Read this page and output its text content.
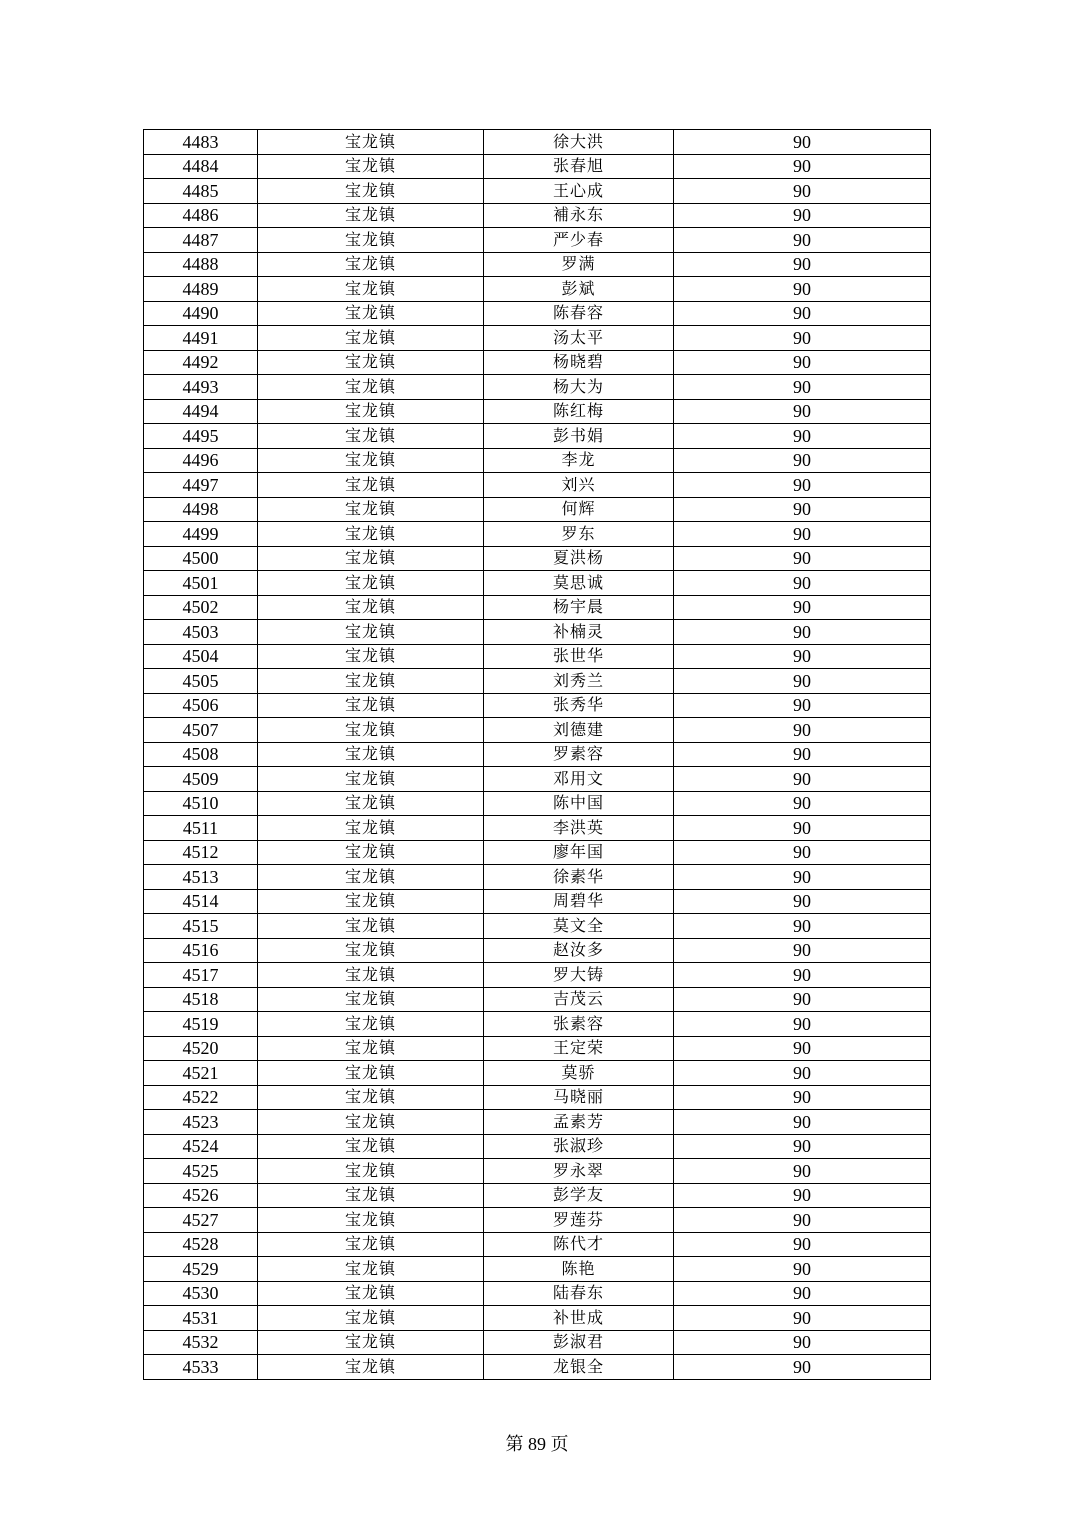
4483	宝龙镇	徐大洪	90
4484	宝龙镇	张春旭	90
4485	宝龙镇	王心成	90
4486	宝龙镇	補永东	90
4487	宝龙镇	严少春	90
4488	宝龙镇	罗满	90
4489	宝龙镇	彭斌	90
4490	宝龙镇	陈春容	90
4491	宝龙镇	汤太平	90
4492	宝龙镇	杨晓碧	90
4493	宝龙镇	杨大为	90
4494	宝龙镇	陈红梅	90
4495	宝龙镇	彭书娟	90
4496	宝龙镇	李龙	90
4497	宝龙镇	刘兴	90
4498	宝龙镇	何辉	90
4499	宝龙镇	罗东	90
4500	宝龙镇	夏洪杨	90
4501	宝龙镇	莫思诚	90
4502	宝龙镇	杨宇晨	90
4503	宝龙镇	补楠灵	90
4504	宝龙镇	张世华	90
4505	宝龙镇	刘秀兰	90
4506	宝龙镇	张秀华	90
4507	宝龙镇	刘德建	90
4508	宝龙镇	罗素容	90
4509	宝龙镇	邓用文	90
4510	宝龙镇	陈中国	90
4511	宝龙镇	李洪英	90
4512	宝龙镇	廖年国	90
4513	宝龙镇	徐素华	90
4514	宝龙镇	周碧华	90
4515	宝龙镇	莫文全	90
4516	宝龙镇	赵汝多	90
4517	宝龙镇	罗大铸	90
4518	宝龙镇	吉茂云	90
4519	宝龙镇	张素容	90
4520	宝龙镇	王定荣	90
4521	宝龙镇	莫骄	90
4522	宝龙镇	马晓丽	90
4523	宝龙镇	孟素芳	90
4524	宝龙镇	张淑珍	90
4525	宝龙镇	罗永翠	90
4526	宝龙镇	彭学友	90
4527	宝龙镇	罗莲芬	90
4528	宝龙镇	陈代才	90
4529	宝龙镇	陈艳	90
4530	宝龙镇	陆春东	90
4531	宝龙镇	补世成	90
4532	宝龙镇	彭淑君	90
4533	宝龙镇	龙银全	90
第 89 页
